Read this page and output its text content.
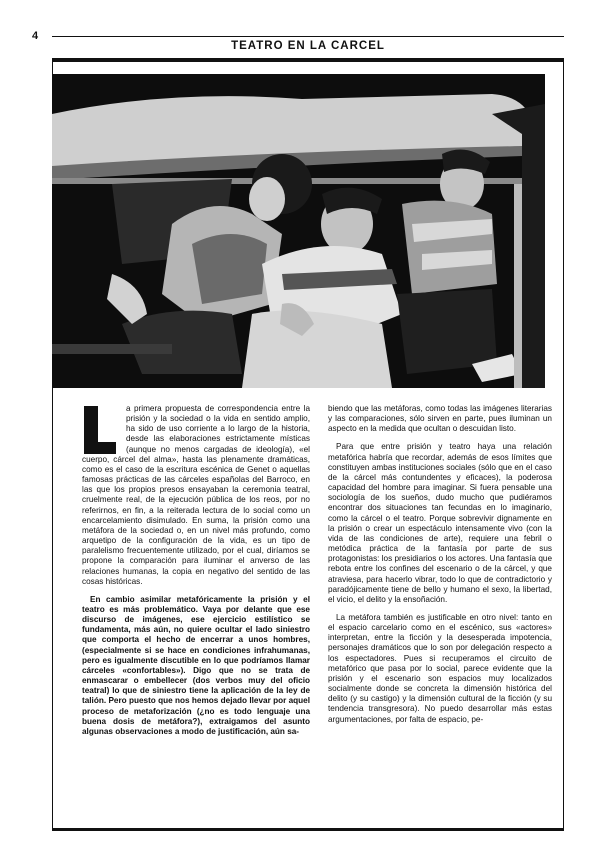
4
TEATRO EN LA CARCEL

a primera propuesta de correspondencia entre la prisión y la sociedad o la vida en sentido amplio, ha sido de uso corriente a lo largo de la historia, desde las elaboraciones estrictamente místicas (aunque no menos cargadas de ideología), «el cuerpo, cárcel del alma», hasta las plenamente dramáticas, como es el caso de la escritura escénica de Genet o aquellas famosas prácticas de las cárceles españolas del Barroco, en las que los propios presos ensayaban la ceremonia teatral, cruelmente real, de la ejecución pública de los reos, por no referirnos, en fin, a la reiterada lectura de lo social como un encarcelamiento disimulado. En suma, la prisión como una metáfora de la sociedad o, en un nivel más profundo, como arquetipo de la configuración de la vida, es un tipo de paralelismo frecuentemente utilizado, por el cual, diríamos se propone la comparación para iluminar el anverso de las relaciones humanas, la copia en negativo del sentido de las cosas históricas.

En cambio asimilar metafóricamente la prisión y el teatro es más problemático. Vaya por delante que ese discurso de imágenes, ese ejercicio estilístico se fundamenta, más aún, no quiere ocultar el lado siniestro que comporta el hecho de encerrar a unos hombres, (especialmente si se hace en condiciones infrahumanas, pero es igualmente discutible en lo que podríamos llamar cárceles «confortables»). Digo que no se trata de enmascarar o embellecer (dos verbos muy del oficio teatral) lo que de siniestro tiene la aplicación de la ley de talión. Pero puesto que nos hemos dejado llevar por aquel proceso de metaforización (¿no es todo lenguaje una buena dosis de metáfora?), extraigamos del asunto algunas observaciones a modo de justificación, aún sa-

biendo que las metáforas, como todas las imágenes literarias y las comparaciones, sólo sirven en parte, pues iluminan un aspecto en la medida que ocultan o descuidan listo.

Para que entre prisión y teatro haya una relación metafórica habría que recordar, además de esos límites que constituyen ambas instituciones sociales (sólo que en el caso de la cárcel más contundentes y eficaces), la poderosa capacidad del hombre para imaginar. Si fuera pensable una sociología de los sueños, dudo mucho que pudiéramos encontrar dos situaciones tan fecundas en lo imaginario, como la cárcel o el teatro. Porque sobrevivir dignamente en la prisión o crear un espectáculo intensamente vivo (con la vida de las condiciones de arte), requiere una febril o metódica práctica de la fantasía por parte de sus protagonistas: los presidiarios o los actores. Una fantasía que rebota entre los confines del escenario o de la cárcel, y que atraviesa, para hacerlo vibrar, todo lo que de contradictorio y paradójicamente tiene de bello y humano el sexo, la libertad, el vicio, el delito y la ensoñación.

La metáfora también es justificable en otro nivel: tanto en el espacio carcelario como en el escénico, sus «actores» interpretan, entre la ficción y la desesperada impotencia, personajes dramáticos que lo son por delegación respecto a los espectadores. Pues si recuperamos el circuito de metafórico que pasa por lo social, parece evidente que la prisión y el escenario son espacios muy localizados socialmente donde se concreta la dimensión histórica del delito (y su castigo) y la dimensión cultural de la ficción (y su tendencia transgresora). No puedo desarrollar más estas argumentaciones, por falta de espacio, pe-
